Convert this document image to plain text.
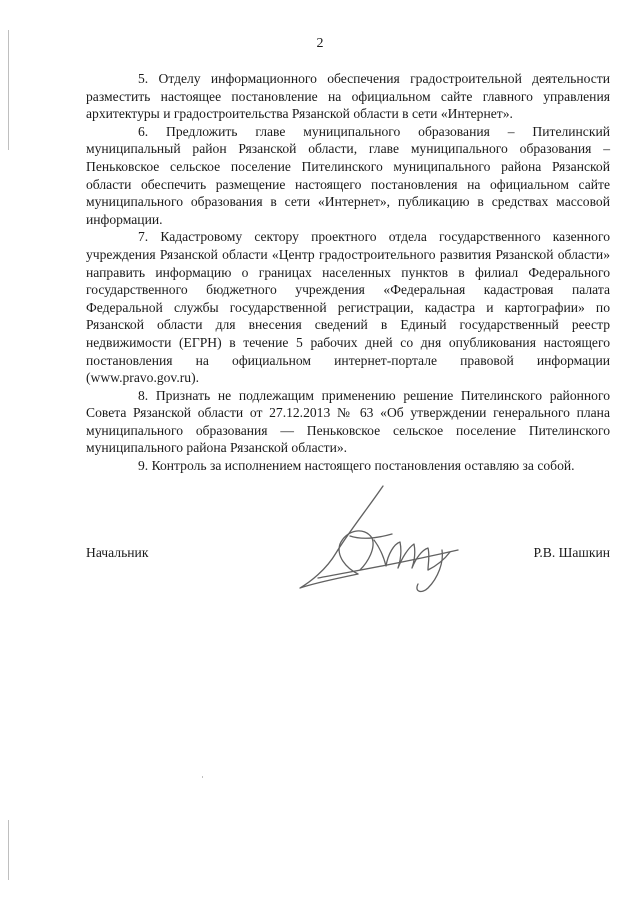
2

5. Отделу информационного обеспечения градостроительной деятельности разместить настоящее постановление на официальном сайте главного управления архитектуры и градостроительства Рязанской области в сети «Интернет».

6. Предложить главе муниципального образования – Пителинский муниципальный район Рязанской области, главе муниципального образования – Пеньковское сельское поселение Пителинского муниципального района Рязанской области обеспечить размещение настоящего постановления на официальном сайте муниципального образования в сети «Интернет», публикацию в средствах массовой информации.

7. Кадастровому сектору проектного отдела государственного казенного учреждения Рязанской области «Центр градостроительного развития Рязанской области» направить информацию о границах населенных пунктов в филиал Федерального государственного бюджетного учреждения «Федеральная кадастровая палата Федеральной службы государственной регистрации, кадастра и картографии» по Рязанской области для внесения сведений в Единый государственный реестр недвижимости (ЕГРН) в течение 5 рабочих дней со дня опубликования настоящего постановления на официальном интернет-портале правовой информации (www.pravo.gov.ru).

8. Признать не подлежащим применению решение Пителинского районного Совета Рязанской области от 27.12.2013 № 63 «Об утверждении генерального плана муниципального образования — Пеньковское сельское поселение Пителинского муниципального района Рязанской области».

9. Контроль за исполнением настоящего постановления оставляю за собой.

Начальник	Р.В. Шашкин
